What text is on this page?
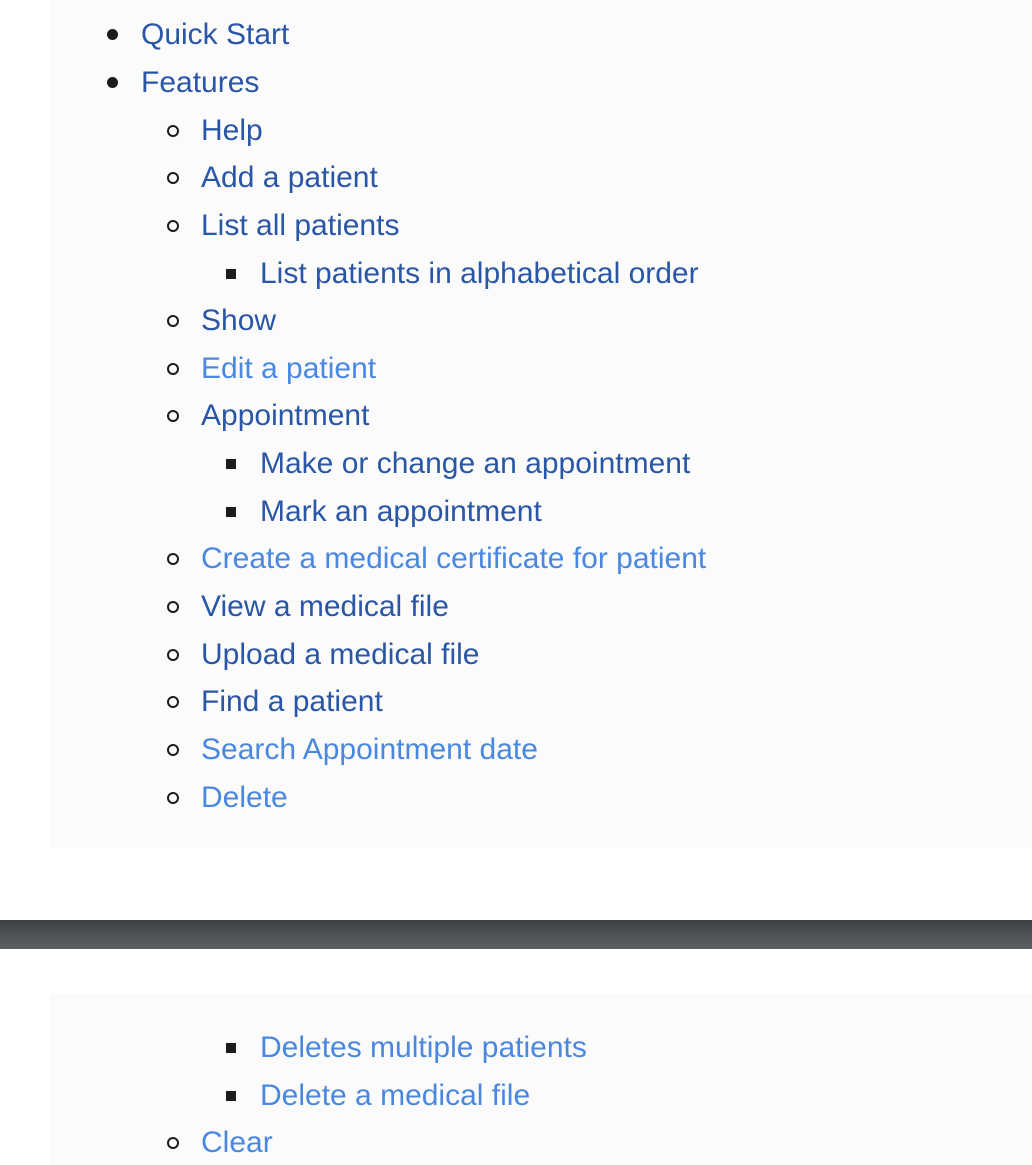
Quick Start
Features
Help
Add a patient
List all patients
List patients in alphabetical order
Show
Edit a patient
Appointment
Make or change an appointment
Mark an appointment
Create a medical certificate for patient
View a medical file
Upload a medical file
Find a patient
Search Appointment date
Delete
Deletes multiple patients
Delete a medical file
Clear
